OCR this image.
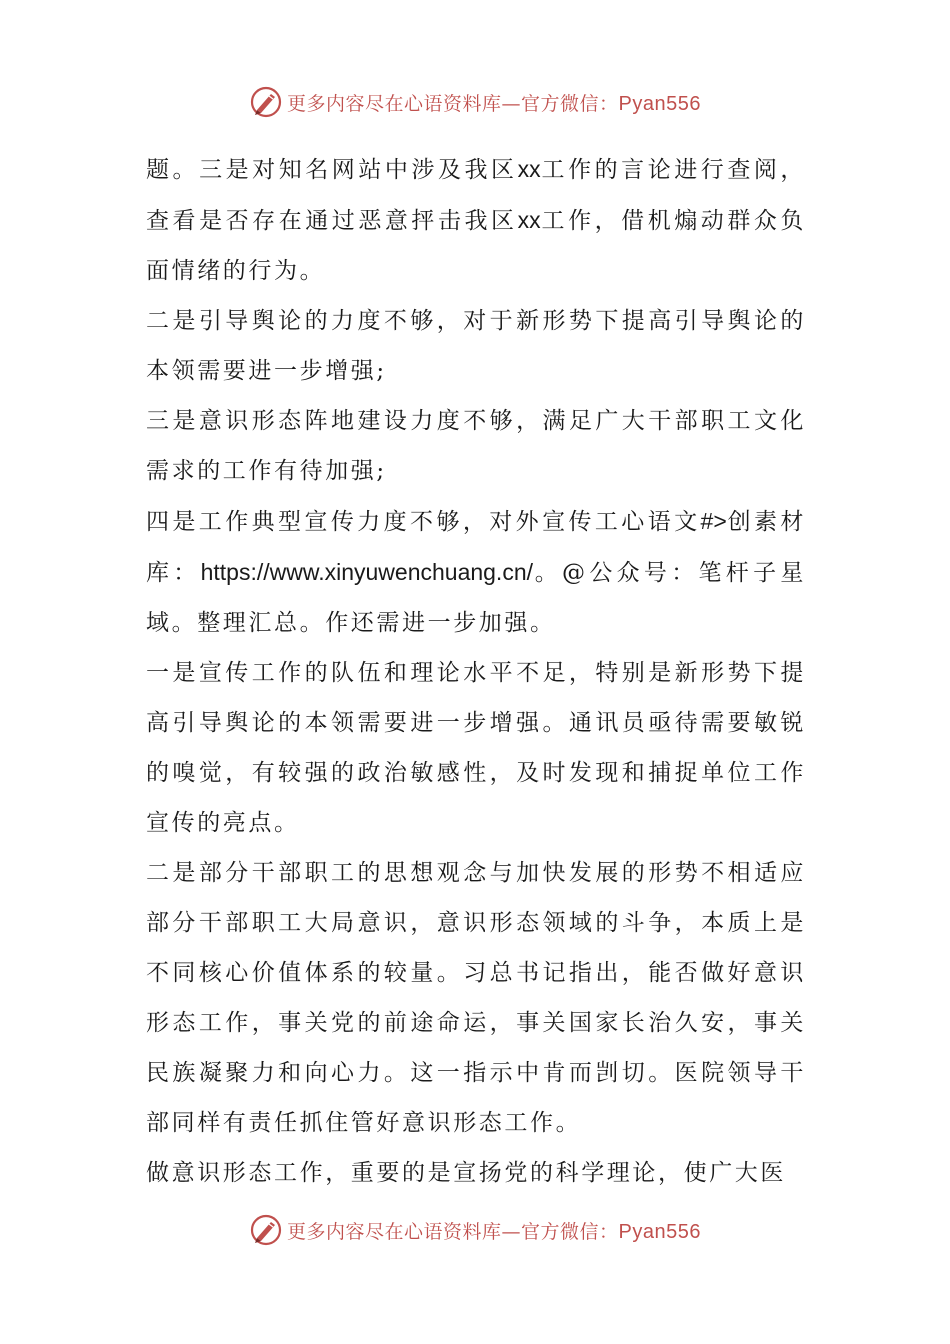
更多内容尽在心语资料库—官方微信：Pyan556

题。三是对知名网站中涉及我区xx工作的言论进行查阅，查看是否存在通过恶意抨击我区xx工作，借机煽动群众负面情绪的行为。

二是引导舆论的力度不够，对于新形势下提高引导舆论的本领需要进一步增强;

三是意识形态阵地建设力度不够，满足广大干部职工文化需求的工作有待加强;

四是工作典型宣传力度不够，对外宣传工心语文#>创素材库：https://www.xinyuwenchuang.cn/。@公众号：笔杆子星域。整理汇总。作还需进一步加强。

一是宣传工作的队伍和理论水平不足，特别是新形势下提高引导舆论的本领需要进一步增强。通讯员亟待需要敏锐的嗅觉，有较强的政治敏感性，及时发现和捕捉单位工作宣传的亮点。

二是部分干部职工的思想观念与加快发展的形势不相适应部分干部职工大局意识，意识形态领域的斗争，本质上是不同核心价值体系的较量。习总书记指出，能否做好意识形态工作，事关党的前途命运，事关国家长治久安，事关民族凝聚力和向心力。这一指示中肯而剀切。医院领导干部同样有责任抓住管好意识形态工作。

做意识形态工作，重要的是宣扬党的科学理论，使广大医

更多内容尽在心语资料库—官方微信：Pyan556
